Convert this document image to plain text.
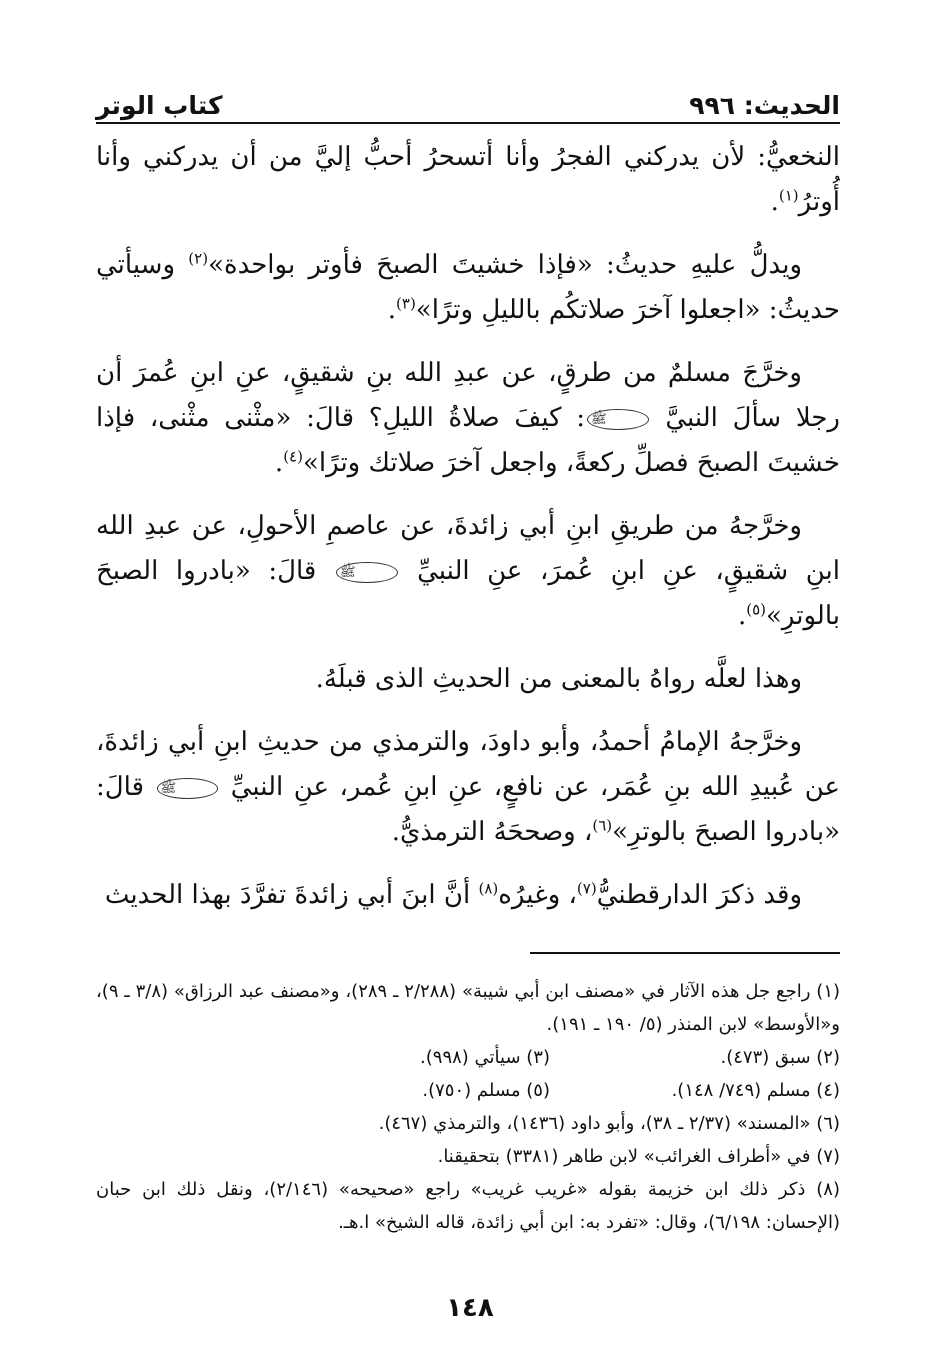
الحديث: ٩٩٦
كتاب الوتر

النخعيُّ: لأن يدركني الفجرُ وأنا أتسحرُ أحبُّ إليَّ من أن يدركني وأنا أُوترُ$^{(١)}$.

ويدلُّ عليهِ حديثُ: «فإذا خشيتَ الصبحَ فأوتر بواحدة»$^{(٢)}$ وسيأتي حديثُ: «اجعلوا آخرَ صلاتكُم بالليلِ وترًا»$^{(٣)}$.

وخرَّجَ مسلمٌ من طرقٍ، عن عبدِ الله بنِ شقيقٍ، عنِ ابنِ عُمرَ أن رجلا سألَ النبيَّ ﷺ: كيفَ صلاةُ الليلِ؟ قالَ: «مثْنى مثْنى، فإذا خشيتَ الصبحَ فصلِّ ركعةً، واجعل آخرَ صلاتك وترًا»$^{(٤)}$.

وخرَّجهُ من طريقِ ابنِ أبي زائدةَ، عن عاصمِ الأحولِ، عن عبدِ الله ابنِ شقيقٍ، عنِ ابنِ عُمرَ، عنِ النبيِّ ﷺ قالَ: «بادروا الصبحَ بالوترِ»$^{(٥)}$.

وهذا لعلَّه رواهُ بالمعنى من الحديثِ الذى قبلَهُ.

وخرَّجهُ الإمامُ أحمدُ، وأبو داودَ، والترمذي من حديثِ ابنِ أبي زائدةَ، عن عُبيدِ الله بنِ عُمَر، عن نافعٍ، عنِ ابنِ عُمر، عنِ النبيِّ ﷺ قالَ: «بادروا الصبحَ بالوترِ»$^{(٦)}$، وصححَهُ الترمذيُّ.

وقد ذكرَ الدارقطنيُّ$^{(٧)}$، وغيرُه$^{(٨)}$ أنَّ ابنَ أبي زائدةَ تفرَّدَ بهذا الحديث

(١) راجع جل هذه الآثار في «مصنف ابن أبي شيبة» (٢/٢٨٨ ـ ٢٨٩)، و«مصنف عبد الرزاق» (٣/٨ ـ ٩)، و«الأوسط» لابن المنذر (٥/ ١٩٠ ـ ١٩١).

(٢) سبق (٤٧٣).
(٣) سيأتي (٩٩٨).
(٤) مسلم (٧٤٩/ ١٤٨).
(٥) مسلم (٧٥٠).

(٦) «المسند» (٢/٣٧ ـ ٣٨)، وأبو داود (١٤٣٦)، والترمذي (٤٦٧).

(٧) في «أطراف الغرائب» لابن طاهر (٣٣٨١) بتحقيقنا.

(٨) ذكر ذلك ابن خزيمة بقوله «غريب غريب» راجع «صحيحه» (٢/١٤٦)، ونقل ذلك ابن حبان (الإحسان: ٦/١٩٨)، وقال: «تفرد به: ابن أبي زائدة، قاله الشيخ» ا.هـ.

١٤٨
